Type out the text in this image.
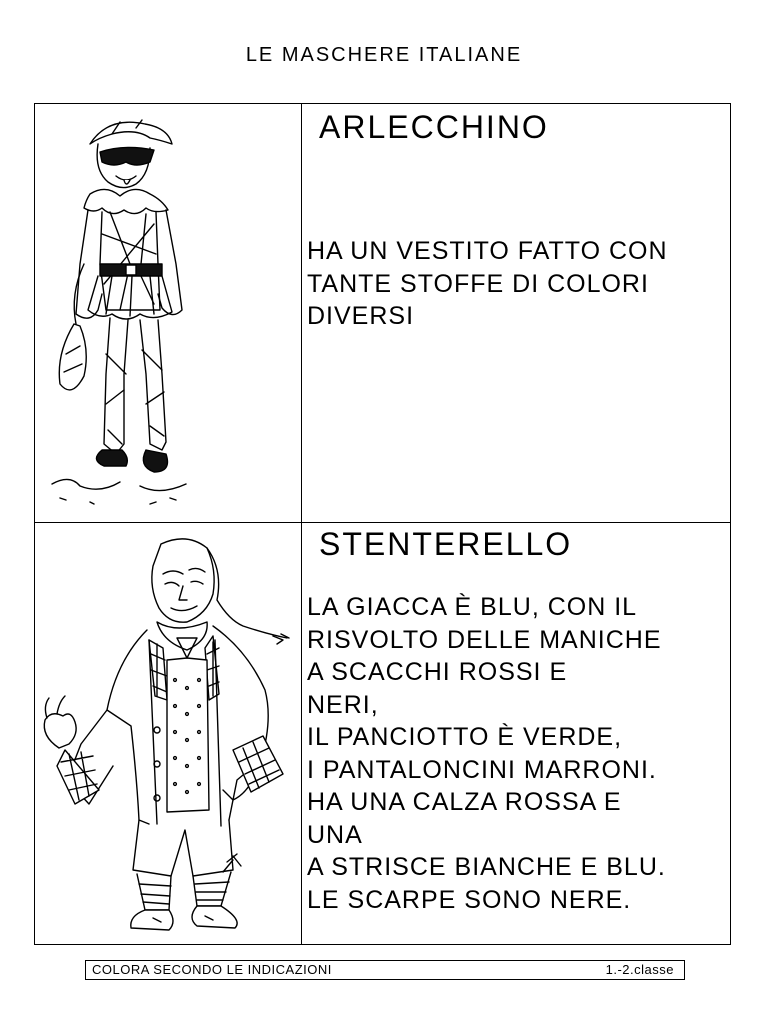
LE MASCHERE ITALIANE
ARLECCHINO
HA UN VESTITO FATTO CON
TANTE STOFFE DI COLORI
DIVERSI
STENTERELLO
LA GIACCA È BLU, CON IL
RISVOLTO DELLE MANICHE
A SCACCHI ROSSI E
NERI,
IL PANCIOTTO È VERDE,
I PANTALONCINI MARRONI.
HA UNA CALZA ROSSA E
UNA
A STRISCE BIANCHE E BLU.
LE SCARPE SONO NERE.
COLORA SECONDO LE INDICAZIONI	1.-2.classe
